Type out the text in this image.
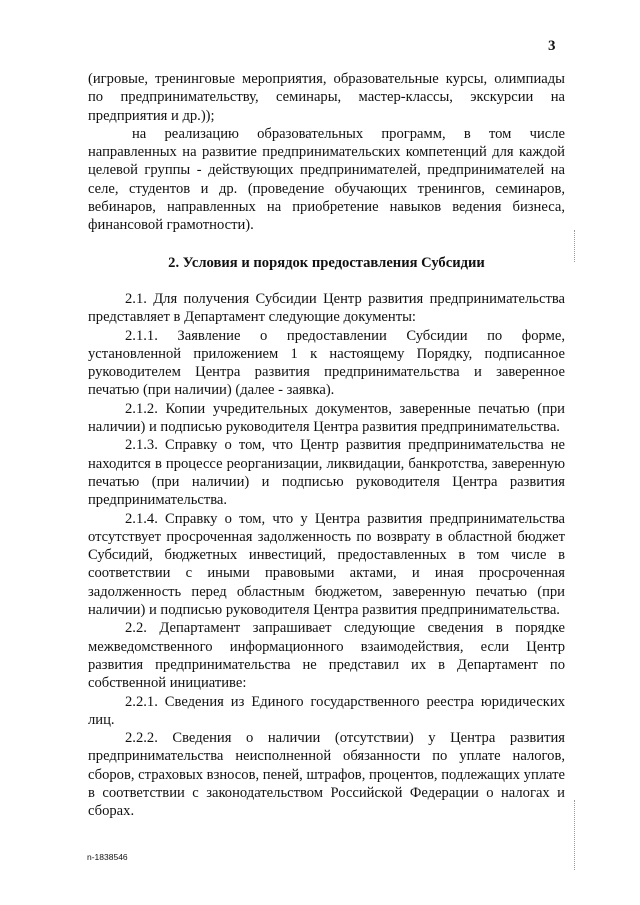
3

(игровые, тренинговые мероприятия, образовательные курсы, олимпиады по предпринимательству, семинары, мастер-классы, экскурсии на предприятия и др.));

на реализацию образовательных программ, в том числе направленных на развитие предпринимательских компетенций для каждой целевой группы - действующих предпринимателей, предпринимателей на селе, студентов и др. (проведение обучающих тренингов, семинаров, вебинаров, направленных на приобретение навыков ведения бизнеса, финансовой грамотности).

2. Условия и порядок предоставления Субсидии

2.1. Для получения Субсидии Центр развития предпринимательства представляет в Департамент следующие документы:

2.1.1. Заявление о предоставлении Субсидии по форме, установленной приложением 1 к настоящему Порядку, подписанное руководителем Центра развития предпринимательства и заверенное печатью (при наличии) (далее - заявка).

2.1.2. Копии учредительных документов, заверенные печатью (при наличии) и подписью руководителя Центра развития предпринимательства.

2.1.3. Справку о том, что Центр развития предпринимательства не находится в процессе реорганизации, ликвидации, банкротства, заверенную печатью (при наличии) и подписью руководителя Центра развития предпринимательства.

2.1.4. Справку о том, что у Центра развития предпринимательства отсутствует просроченная задолженность по возврату в областной бюджет Субсидий, бюджетных инвестиций, предоставленных в том числе в соответствии с иными правовыми актами, и иная просроченная задолженность перед областным бюджетом, заверенную печатью (при наличии) и подписью руководителя Центра развития предпринимательства.

2.2. Департамент запрашивает следующие сведения в порядке межведомственного информационного взаимодействия, если Центр развития предпринимательства не представил их в Департамент по собственной инициативе:

2.2.1. Сведения из Единого государственного реестра юридических лиц.

2.2.2. Сведения о наличии (отсутствии) у Центра развития предпринимательства неисполненной обязанности по уплате налогов, сборов, страховых взносов, пеней, штрафов, процентов, подлежащих уплате в соответствии с законодательством Российской Федерации о налогах и сборах.

n-1838546
